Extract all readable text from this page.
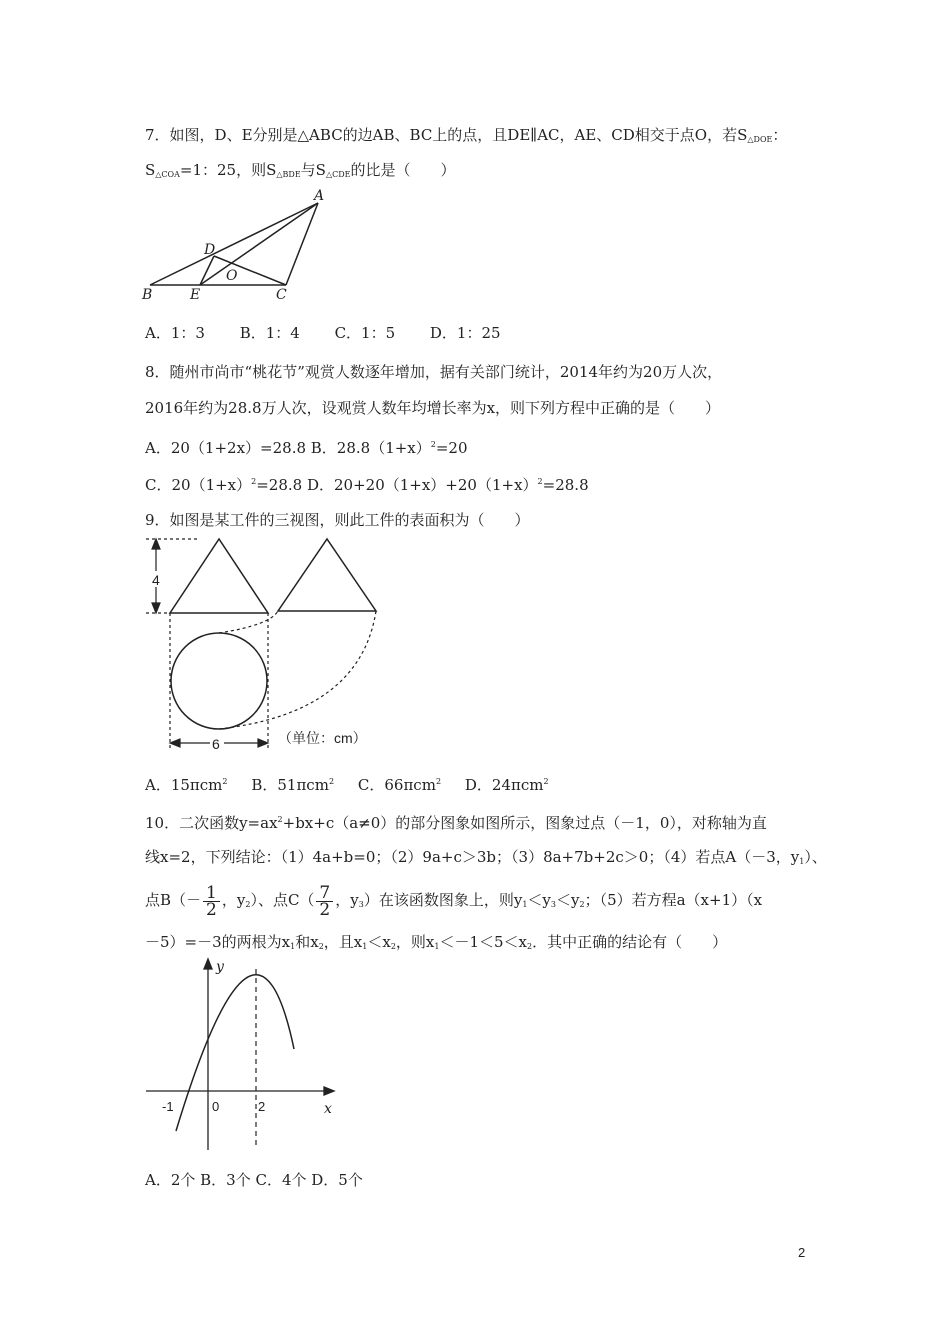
7．如图，D、E分别是△ABC的边AB、BC上的点，且DE∥AC，AE、CD相交于点O，若$S_{\triangle DOE}$：
$S_{\triangle COA}=1$：25，则$S_{\triangle BDE}$与$S_{\triangle CDE}$的比是（　　）
A
B	C
D
E
O
A．1：3　　 B．1：4　　 C．1：5　　 D．1：25
8．随州市尚市“桃花节”观赏人数逐年增加，据有关部门统计，2014年约为20万人次，
2016年约为28.8万人次，设观赏人数年均增长率为x，则下列方程中正确的是（　　）
A．20（1+2x）=28.8 B．$28.8(1+x)^2=20$
C．$20(1+x)^2=28.8$ D．$20+20(1+x)+20(1+x)^2=28.8$
9．如图是某工件的三视图，则此工件的表面积为（　　）
4
6	（单位：cm）
A．15πcm$^2$ B．51πcm$^2$ C．66πcm$^2$ D．24πcm$^2$
10．二次函数$y=ax^2+bx+c(a\ne 0)$的部分图象如图所示，图象过点（－1，0），对称轴为直
线x=2，下列结论：（1）4a+b=0；（2）9a+c＞3b；（3）8a+7b+2c＞0；（4）若点A（－3，$y_1$）、
点$B(- \frac{1}{2}$ ，$y_2$）、点$C( \frac{7}{2}$ ，$y_3$）在该函数图象上，则$y_1<y_3<y_2$；（5）若方程a（x+1）（x
－5）=－3的两根为$x_1$和$x_2$，且$x_1<x_2$，则$x_1<-1<5<x_2$．其中正确的结论有（　　）
y
x
-1	0	2
A．2个 B．3个 C．4个 D．5个
2
